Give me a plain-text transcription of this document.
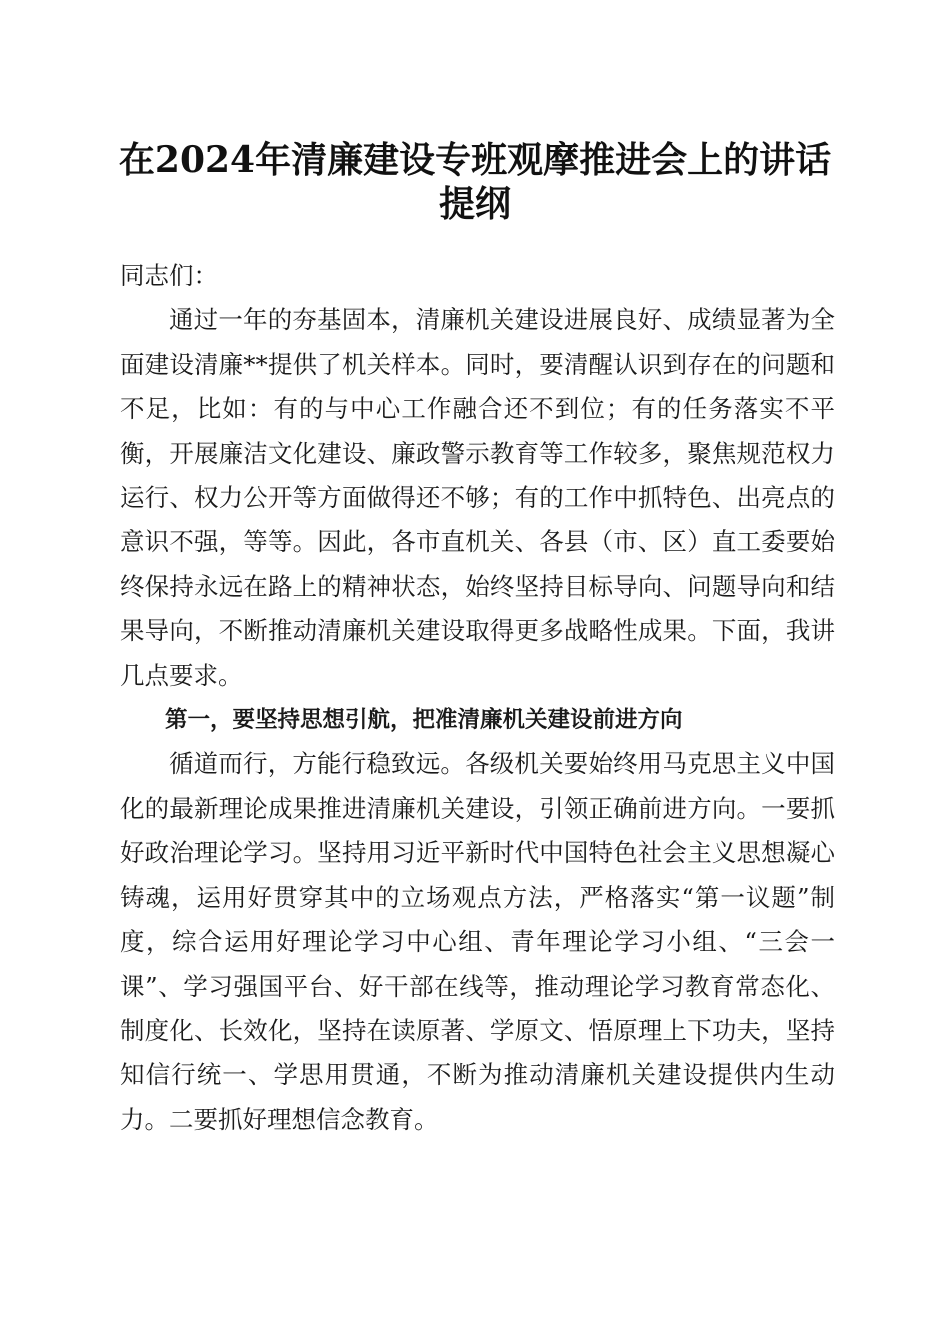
在2024年清廉建设专班观摩推进会上的讲话提纲

同志们：

通过一年的夯基固本，清廉机关建设进展良好、成绩显著为全面建设清廉**提供了机关样本。同时，要清醒认识到存在的问题和不足，比如：有的与中心工作融合还不到位；有的任务落实不平衡，开展廉洁文化建设、廉政警示教育等工作较多，聚焦规范权力运行、权力公开等方面做得还不够；有的工作中抓特色、出亮点的意识不强，等等。因此，各市直机关、各县（市、区）直工委要始终保持永远在路上的精神状态，始终坚持目标导向、问题导向和结果导向，不断推动清廉机关建设取得更多战略性成果。下面，我讲几点要求。

第一，要坚持思想引航，把准清廉机关建设前进方向

循道而行，方能行稳致远。各级机关要始终用马克思主义中国化的最新理论成果推进清廉机关建设，引领正确前进方向。一要抓好政治理论学习。坚持用习近平新时代中国特色社会主义思想凝心铸魂，运用好贯穿其中的立场观点方法，严格落实“第一议题”制度，综合运用好理论学习中心组、青年理论学习小组、“三会一课”、学习强国平台、好干部在线等，推动理论学习教育常态化、制度化、长效化，坚持在读原著、学原文、悟原理上下功夫，坚持知信行统一、学思用贯通，不断为推动清廉机关建设提供内生动力。二要抓好理想信念教育。
